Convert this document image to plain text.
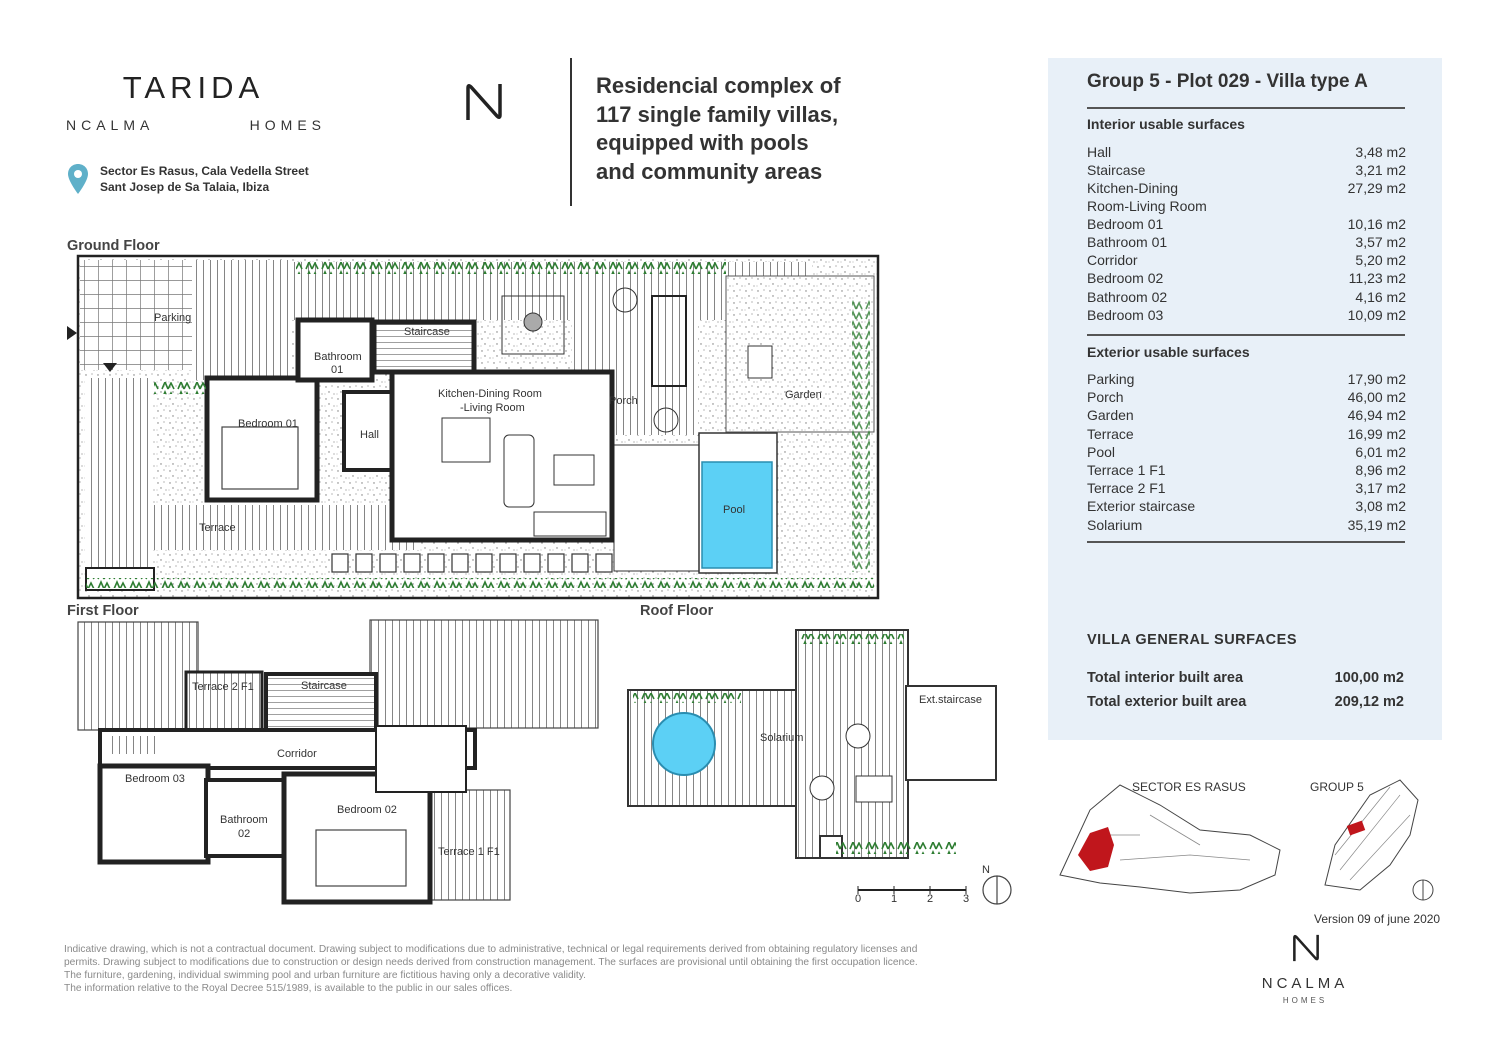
TARIDA
NCALMA	HOMES
Sector Es Rasus, Cala Vedella Street
Sant Josep de Sa Talaia, Ibiza
Residencial complex of
117 single family villas,
equipped with pools
and community areas
Group 5 - Plot 029 - Villa type A
Interior usable surfaces
Hall	3,48 m2
Staircase	3,21 m2
Kitchen-Dining	27,29 m2
Room-Living Room
Bedroom 01	10,16 m2
Bathroom 01	3,57 m2
Corridor	5,20 m2
Bedroom 02	11,23 m2
Bathroom 02	4,16 m2
Bedroom 03	10,09 m2
Exterior usable surfaces
Parking	17,90 m2
Porch	46,00 m2
Garden	46,94 m2
Terrace	16,99 m2
Pool	6,01 m2
Terrace 1 F1	8,96 m2
Terrace 2 F1	3,17 m2
Exterior staircase	3,08 m2
Solarium	35,19 m2
VILLA GENERAL SURFACES
Total interior built area	100,00 m2
Total exterior built area	209,12 m2
Ground Floor
First Floor	Roof Floor
Parking
Bathroom
01
Staircase
Kitchen-Dining Room
-Living Room
Porch	Garden
Bedroom 01
Hall
Pool
Terrace
Terrace 2 F1	Staircase
Corridor
Bedroom 03
Bathroom
02
Bedroom 02
Terrace 1 F1
Solarium
Ext.staircase
0	1	2	3
N
SECTOR ES RASUS	GROUP 5
Version 09 of june 2020
Indicative drawing, which is not a contractual document. Drawing subject to modifications due to administrative, technical or legal requirements derived from obtaining regulatory licenses and
permits. Drawing subject to modifications due to construction or design needs derived from construction management. The surfaces are provisional until obtaining the first occupation licence.
The furniture, gardening, individual swimming pool and urban furniture are fictitious having only a decorative validity.
The information relative to the Royal Decree 515/1989, is available to the public in our sales offices.	NCALMA
HOMES
